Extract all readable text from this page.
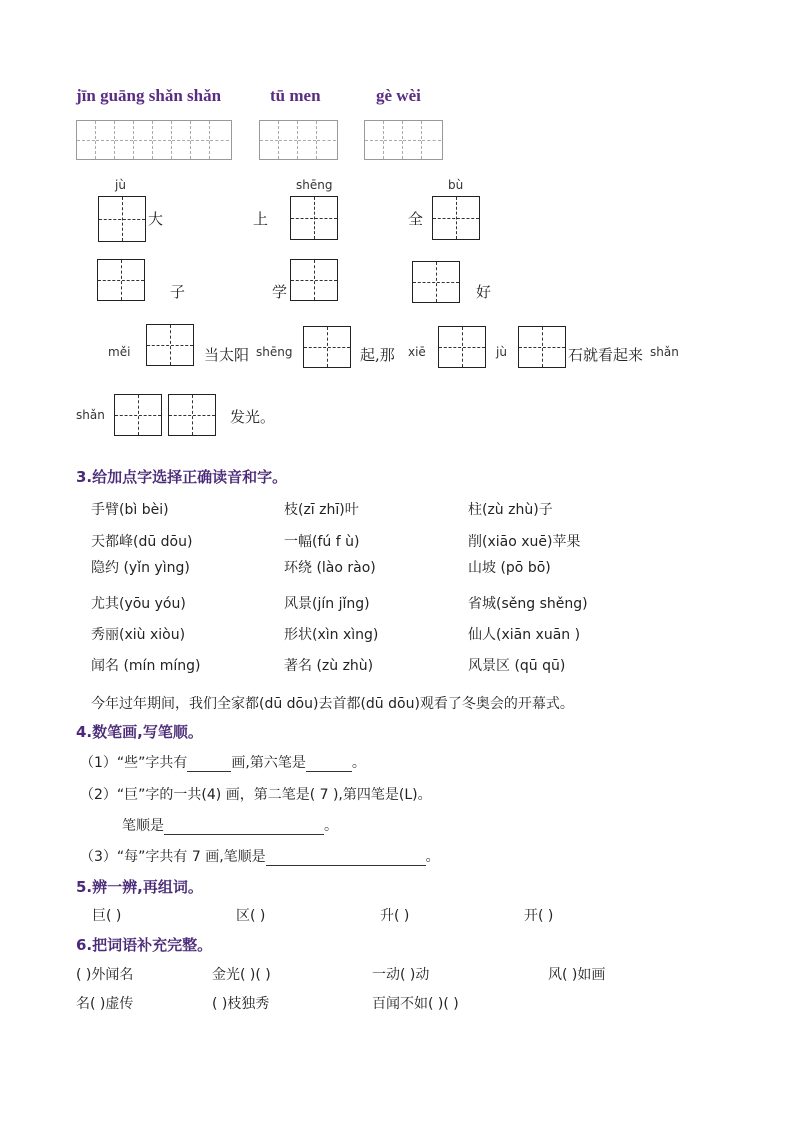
jīn guāng shǎn shǎn	tū men	gè wèi
jù
大	上
shēng
全
bù
子	学	好
měi	当太阳 shēng	起,那 xiē	jù	石就看起来 shǎn
shǎn	发光。
3.给加点字选择正确读音和字。
手臂(bì bèi)	枝(zī zhī)叶	柱(zù zhù)子
天都峰(dū dōu)	一幅(fú f ù)	削(xiāo xuē)苹果
隐约 (yǐn yìng)	环绕 (lào rào)	山坡 (pō bō)
尤其(yōu yóu)	风景(jín jǐng)	省城(sěng shěng)
秀丽(xiù xiòu)	形状(xìn xìng)	仙人(xiān xuān )
闻名 (mín míng)	著名 (zù zhù)	风景区 (qū qū)
今年过年期间，我们全家都(dū dōu)去首都(dū dōu)观看了冬奥会的开幕式。
4.数笔画,写笔顺。
（1）“些”字共有	画,第六笔是	。
（2）“巨”字的一共(4) 画，第二笔是( 7 ),第四笔是(L)。
笔顺是	。
（3）“每”字共有 7 画,笔顺是	。
5.辨一辨,再组词。
巨( )	区( )	升( )	开( )
6.把词语补充完整。
( )外闻名	金光( )( )	一动( )动	风( )如画
名( )虚传	( )枝独秀	百闻不如( )( )
